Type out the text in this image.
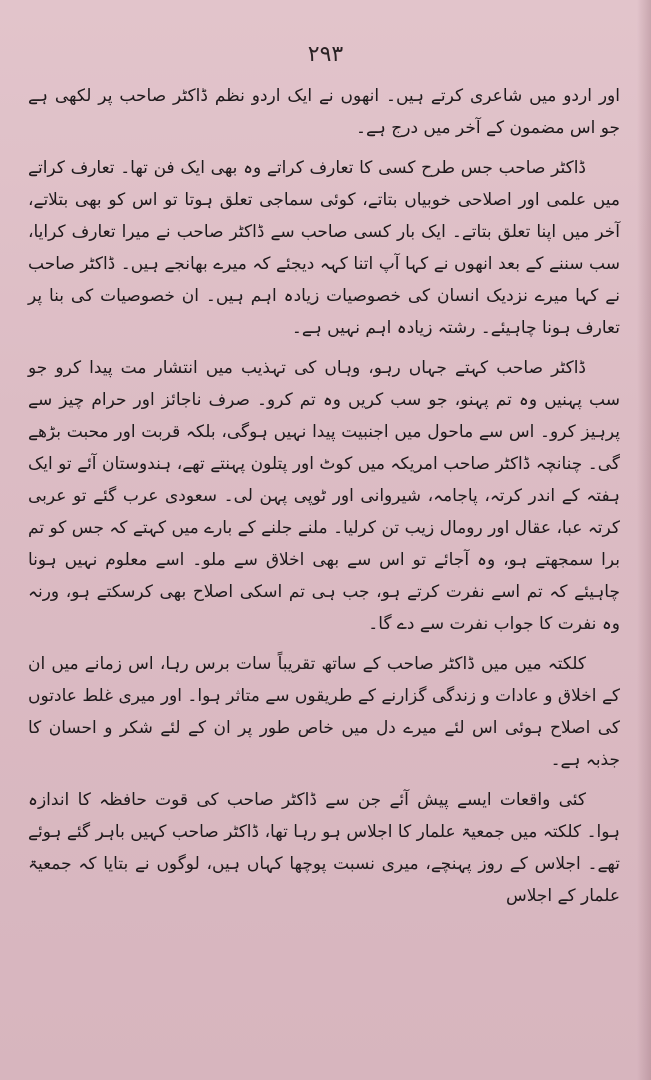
۲۹۳

اور اردو میں شاعری کرتے ہیں۔ انھوں نے ایک اردو نظم ڈاکٹر صاحب پر لکھی ہے جو اس مضمون کے آخر میں درج ہے۔

ڈاکٹر صاحب جس طرح کسی کا تعارف کراتے وہ بھی ایک فن تھا۔ تعارف کراتے میں علمی اور اصلاحی خوبیاں بتاتے، کوئی سماجی تعلق ہوتا تو اس کو بھی بتلاتے، آخر میں اپنا تعلق بتاتے۔ ایک بار کسی صاحب سے ڈاکٹر صاحب نے میرا تعارف کرایا، سب سننے کے بعد انھوں نے کہا آپ اتنا کہہ دیجئے کہ میرے بھانجے ہیں۔ ڈاکٹر صاحب نے کہا میرے نزدیک انسان کی خصوصیات زیادہ اہم ہیں۔ ان خصوصیات کی بنا پر تعارف ہونا چاہیئے۔ رشتہ زیادہ اہم نہیں ہے۔

ڈاکٹر صاحب کہتے جہاں رہو، وہاں کی تہذیب میں انتشار مت پیدا کرو جو سب پہنیں وہ تم پہنو، جو سب کریں وہ تم کرو۔ صرف ناجائز اور حرام چیز سے پرہیز کرو۔ اس سے ماحول میں اجنبیت پیدا نہیں ہوگی، بلکہ قربت اور محبت بڑھے گی۔ چنانچہ ڈاکٹر صاحب امریکہ میں کوٹ اور پتلون پہنتے تھے، ہندوستان آئے تو ایک ہفتہ کے اندر کرتہ، پاجامہ، شیروانی اور ٹوپی پہن لی۔ سعودی عرب گئے تو عربی کرتہ عبا، عقال اور رومال زیب تن کرلیا۔ ملنے جلنے کے بارے میں کہتے کہ جس کو تم برا سمجھتے ہو، وہ آجائے تو اس سے بھی اخلاق سے ملو۔ اسے معلوم نہیں ہونا چاہیئے کہ تم اسے نفرت کرتے ہو، جب ہی تم اسکی اصلاح بھی کرسکتے ہو، ورنہ وہ نفرت کا جواب نفرت سے دے گا۔

کلکتہ میں میں ڈاکٹر صاحب کے ساتھ تقریباً سات برس رہا، اس زمانے میں ان کے اخلاق و عادات و زندگی گزارنے کے طریقوں سے متاثر ہوا۔ اور میری غلط عادتوں کی اصلاح ہوئی اس لئے میرے دل میں خاص طور پر ان کے لئے شکر و احسان کا جذبہ ہے۔

کئی واقعات ایسے پیش آئے جن سے ڈاکٹر صاحب کی قوت حافظہ کا اندازہ ہوا۔ کلکتہ میں جمعیۃ علمار کا اجلاس ہو رہا تھا، ڈاکٹر صاحب کہیں باہر گئے ہوئے تھے۔ اجلاس کے روز پہنچے، میری نسبت پوچھا کہاں ہیں، لوگوں نے بتایا کہ جمعیۃ علمار کے اجلاس
